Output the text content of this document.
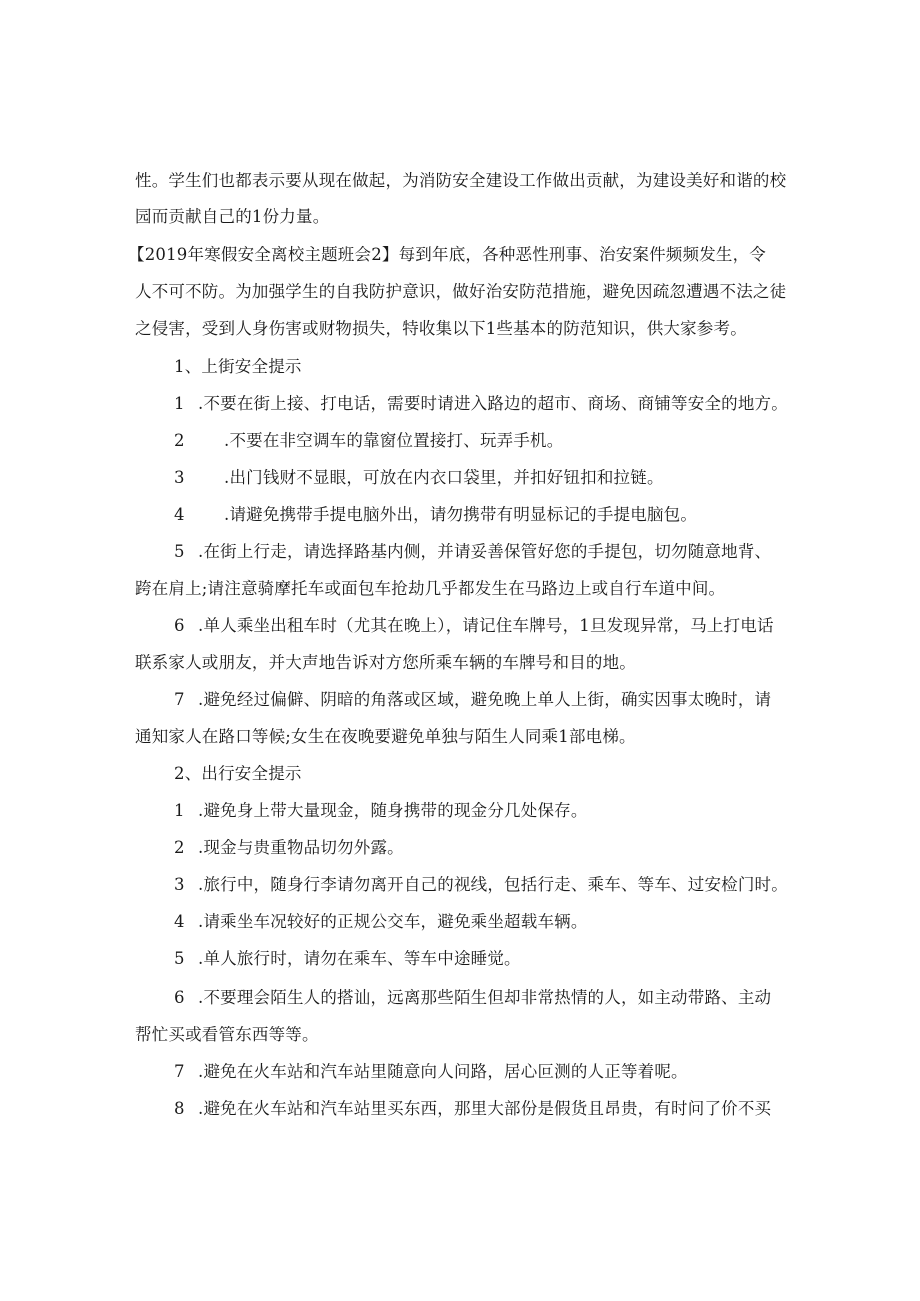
性。学生们也都表示要从现在做起，为消防安全建设工作做出贡献，为建设美好和谐的校
园而贡献自己的1份力量。
【2019年寒假安全离校主题班会2】每到年底，各种恶性刑事、治安案件频频发生，令
人不可不防。为加强学生的自我防护意识，做好治安防范措施，避免因疏忽遭遇不法之徒
之侵害，受到人身伤害或财物损失，特收集以下1些基本的防范知识，供大家参考。
1、上街安全提示
1 .不要在街上接、打电话，需要时请进入路边的超市、商场、商铺等安全的地方。
2 .不要在非空调车的靠窗位置接打、玩弄手机。
3 .出门钱财不显眼，可放在内衣口袋里，并扣好钮扣和拉链。
4 .请避免携带手提电脑外出，请勿携带有明显标记的手提电脑包。
5 .在街上行走，请选择路基内侧，并请妥善保管好您的手提包，切勿随意地背、
跨在肩上;请注意骑摩托车或面包车抢劫几乎都发生在马路边上或自行车道中间。
6 .单人乘坐出租车时（尤其在晚上），请记住车牌号，1旦发现异常，马上打电话
联系家人或朋友，并大声地告诉对方您所乘车辆的车牌号和目的地。
7 .避免经过偏僻、阴暗的角落或区域，避免晚上单人上街，确实因事太晚时，请
通知家人在路口等候;女生在夜晚要避免单独与陌生人同乘1部电梯。
2、出行安全提示
1 .避免身上带大量现金，随身携带的现金分几处保存。
2 .现金与贵重物品切勿外露。
3 .旅行中，随身行李请勿离开自己的视线，包括行走、乘车、等车、过安检门时。
4 .请乘坐车况较好的正规公交车，避免乘坐超载车辆。
5 .单人旅行时，请勿在乘车、等车中途睡觉。
6 .不要理会陌生人的搭讪，远离那些陌生但却非常热情的人，如主动带路、主动
帮忙买或看管东西等等。
7 .避免在火车站和汽车站里随意向人问路，居心叵测的人正等着呢。
8 .避免在火车站和汽车站里买东西，那里大部份是假货且昂贵，有时问了价不买
